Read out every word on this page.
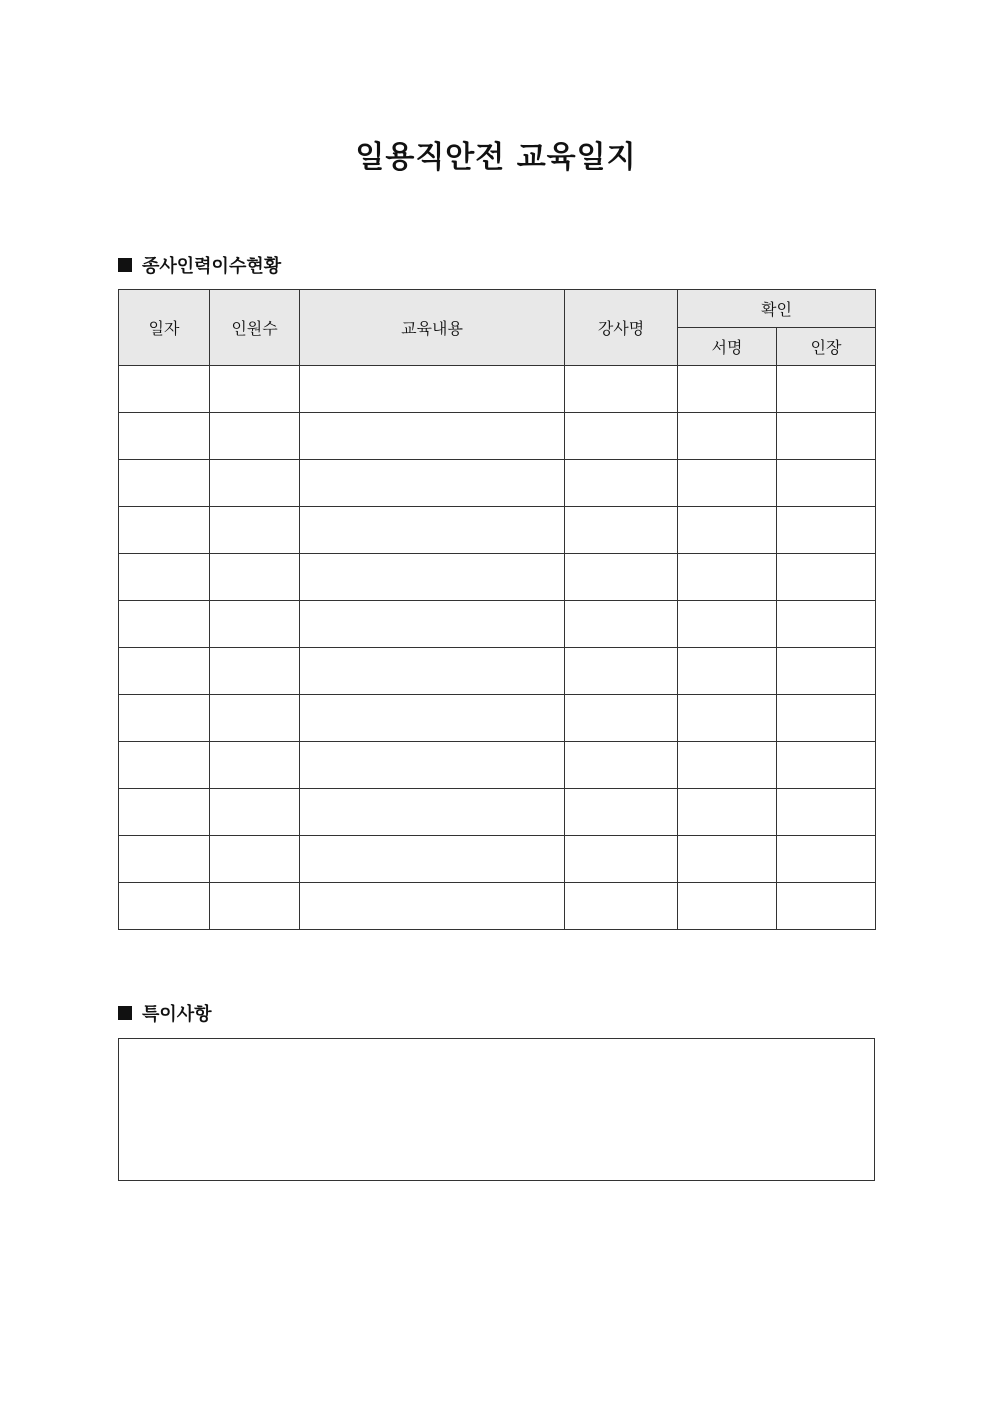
일용직안전 교육일지
종사인력이수현황
일자	인원수	교육내용	강사명	확인	
				서명	인장

특이사항
